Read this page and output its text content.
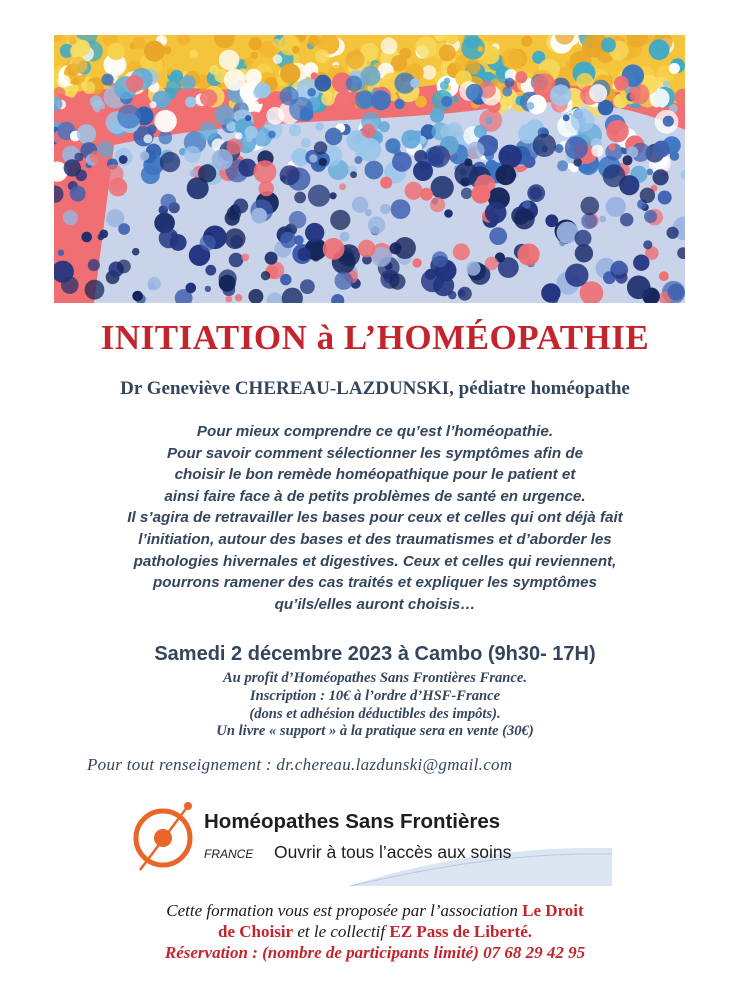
INITIATION à L’HOMÉOPATHIE
Dr Geneviève CHEREAU-LAZDUNSKI, pédiatre homéopathe
Pour mieux comprendre ce qu’est l’homéopathie.
Pour savoir comment sélectionner les symptômes afin de
choisir le bon remède homéopathique pour le patient et
ainsi faire face à de petits problèmes de santé en urgence.
Il s’agira de retravailler les bases pour ceux et celles qui ont déjà fait
l’initiation, autour des bases et des traumatismes et d’aborder les
pathologies hivernales et digestives. Ceux et celles qui reviennent,
pourrons ramener des cas traités et expliquer les symptômes
qu’ils/elles auront choisis…
Samedi 2 décembre 2023 à Cambo (9h30- 17H)
Au profit d’Homéopathes Sans Frontières France.
Inscription : 10€ à l’ordre d’HSF-France
(dons et adhésion déductibles des impôts).
Un livre « support » à la pratique sera en vente (30€)
Pour tout renseignement : dr.chereau.lazdunski@gmail.com
Homéopathes Sans Frontières
FRANCE Ouvrir à tous l’accès aux soins
Cette formation vous est proposée par l’association Le Droit
de Choisir et le collectif EZ Pass de Liberté.
Réservation : (nombre de participants limité) 07 68 29 42 95
